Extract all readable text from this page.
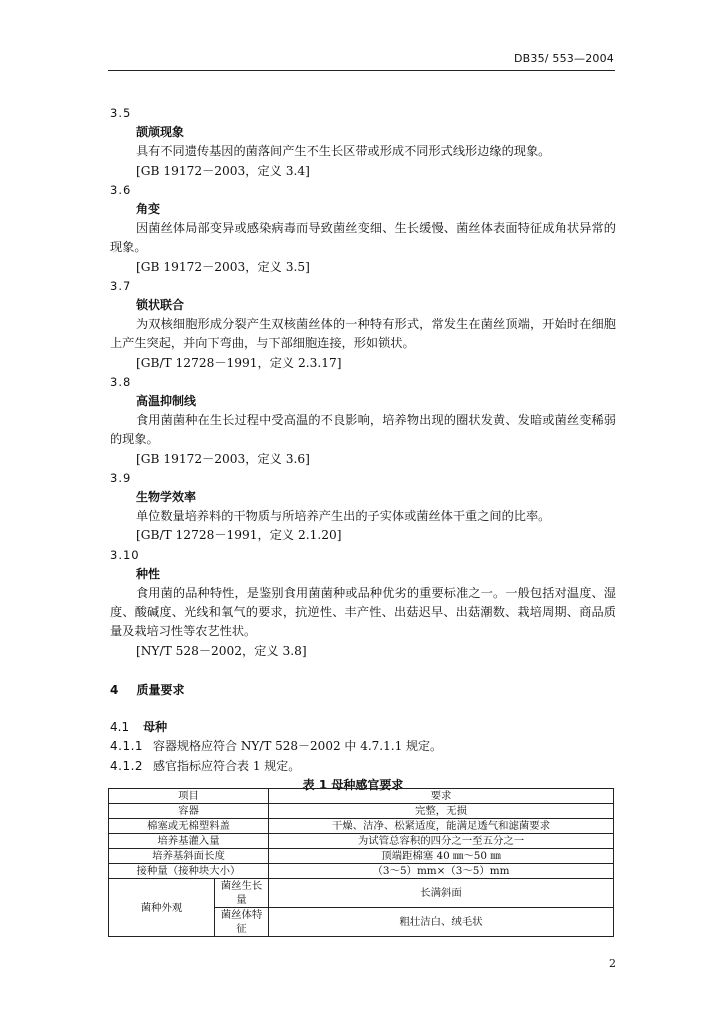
DB35/ 553—2004
3.5
颉颃现象
具有不同遗传基因的菌落间产生不生长区带或形成不同形式线形边缘的现象。
[GB 19172－2003，定义 3.4]
3.6
角变
因菌丝体局部变异或感染病毒而导致菌丝变细、生长缓慢、菌丝体表面特征成角状异常的现象。
[GB 19172－2003，定义 3.5]
3.7
锁状联合
为双核细胞形成分裂产生双核菌丝体的一种特有形式，常发生在菌丝顶端，开始时在细胞上产生突起，并向下弯曲，与下部细胞连接，形如锁状。
[GB/T 12728－1991，定义 2.3.17]
3.8
高温抑制线
食用菌菌种在生长过程中受高温的不良影响，培养物出现的圈状发黄、发暗或菌丝变稀弱的现象。
[GB 19172－2003，定义 3.6]
3.9
生物学效率
单位数量培养料的干物质与所培养产生出的子实体或菌丝体干重之间的比率。
[GB/T 12728－1991，定义 2.1.20]
3.10
种性
食用菌的品种特性，是鉴别食用菌菌种或品种优劣的重要标准之一。一般包括对温度、湿度、酸碱度、光线和氧气的要求，抗逆性、丰产性、出菇迟早、出菇潮数、栽培周期、商品质量及栽培习性等农艺性状。
[NY/T 528－2002，定义 3.8]
4 质量要求
4.1 母种
4.1.1 容器规格应符合 NY/T 528－2002 中 4.7.1.1 规定。
4.1.2 感官指标应符合表 1 规定。
表 1 母种感官要求
项目		要求
容器		完整，无损
棉塞或无棉塑料盖		干燥、洁净、松紧适度，能满足透气和滤菌要求
培养基灌入量		为试管总容积的四分之一至五分之一
培养基斜面长度		顶端距棉塞 40 ㎜～50 ㎜
接种量（接种块大小）		（3～5）mm×（3～5）mm
菌种外观	菌丝生长量	长满斜面
	菌丝体特征	粗壮洁白、绒毛状
2
